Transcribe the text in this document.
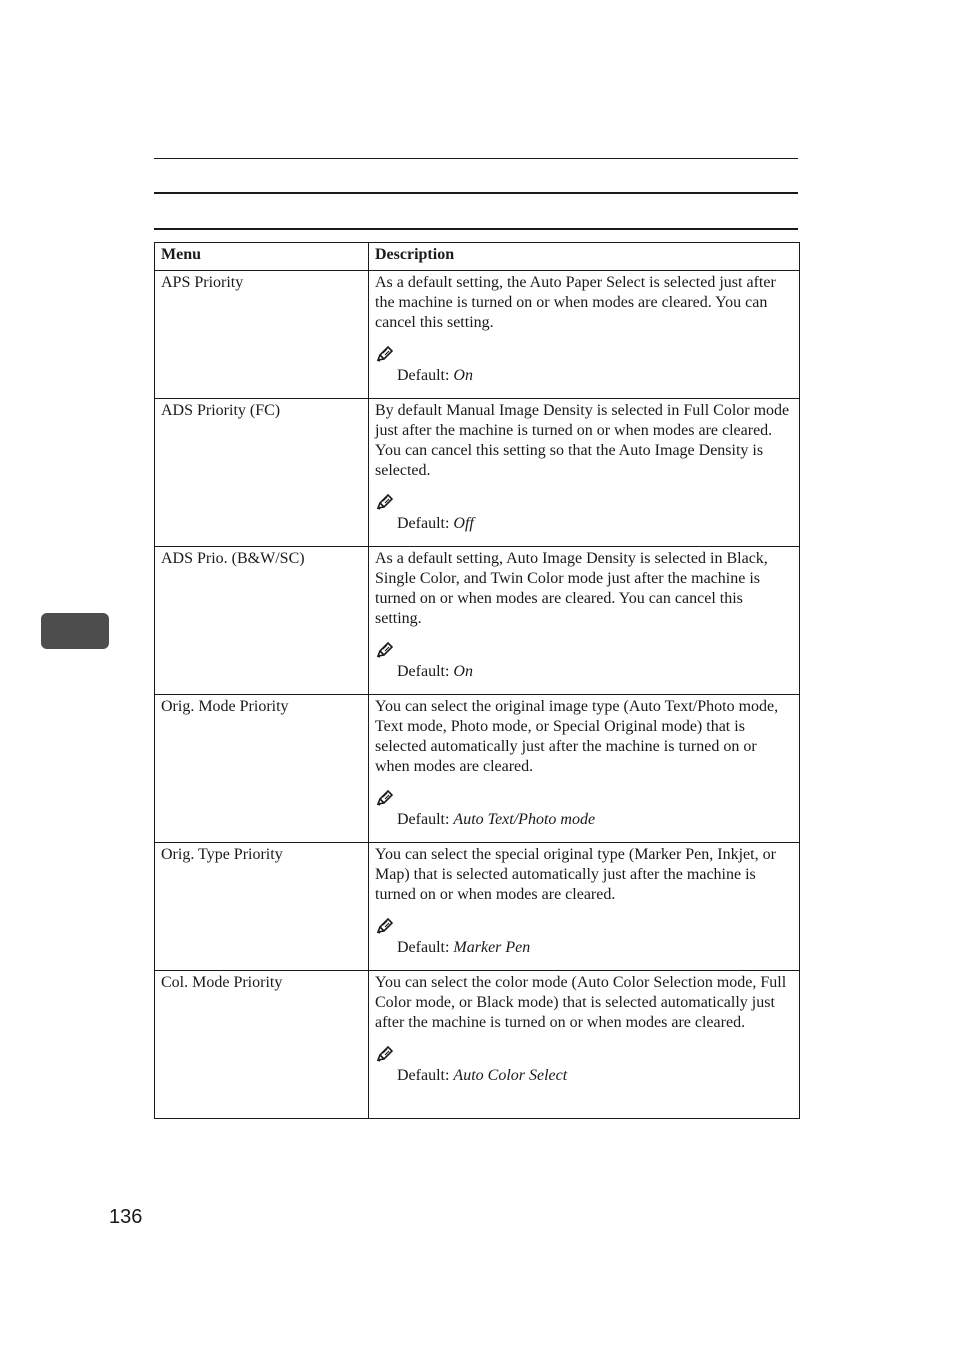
Menu	Description
APS Priority	As a default setting, the Auto Paper Select is selected just after the machine is turned on or when modes are cleared. You can cancel this setting.
Default: On

ADS Priority (FC)	By default Manual Image Density is selected in Full Color mode just after the machine is turned on or when modes are cleared. You can cancel this setting so that the Auto Image Density is selected.
Default: Off

ADS Prio. (B&W/SC)	As a default setting, Auto Image Density is selected in Black, Single Color, and Twin Color mode just after the machine is turned on or when modes are cleared. You can cancel this setting.
Default: On

Orig. Mode Priority	You can select the original image type (Auto Text/Photo mode, Text mode, Photo mode, or Special Original mode) that is selected automatically just after the machine is turned on or when modes are cleared.
Default: Auto Text/Photo mode

Orig. Type Priority	You can select the special original type (Marker Pen, Inkjet, or Map) that is selected automatically just after the machine is turned on or when modes are cleared.
Default: Marker Pen

Col. Mode Priority	You can select the color mode (Auto Color Selection mode, Full Color mode, or Black mode) that is selected automatically just after the machine is turned on or when modes are cleared.
Default: Auto Color Select
136
